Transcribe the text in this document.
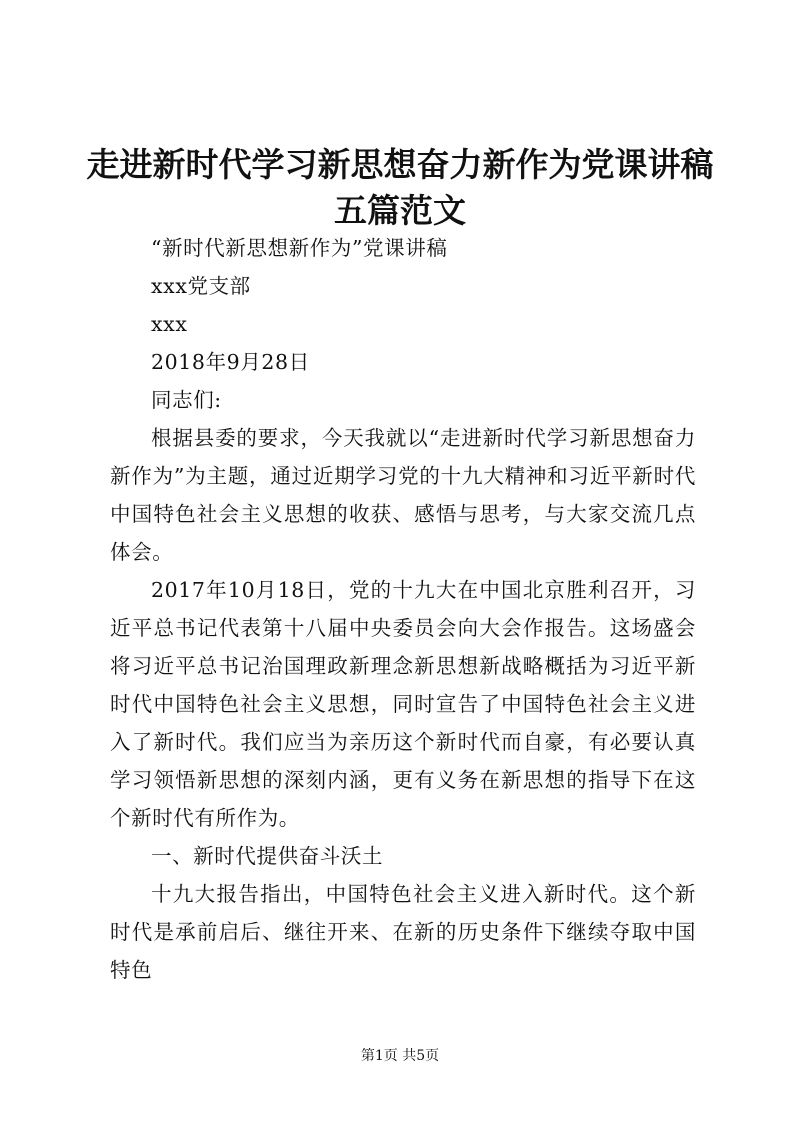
走进新时代学习新思想奋力新作为党课讲稿五篇范文

“新时代新思想新作为”党课讲稿

xxx党支部

xxx

2018年9月28日

同志们:

根据县委的要求，今天我就以“走进新时代学习新思想奋力新作为”为主题，通过近期学习党的十九大精神和习近平新时代中国特色社会主义思想的收获、感悟与思考，与大家交流几点体会。

2017年10月18日，党的十九大在中国北京胜利召开，习近平总书记代表第十八届中央委员会向大会作报告。这场盛会将习近平总书记治国理政新理念新思想新战略概括为习近平新时代中国特色社会主义思想，同时宣告了中国特色社会主义进入了新时代。我们应当为亲历这个新时代而自豪，有必要认真学习领悟新思想的深刻内涵，更有义务在新思想的指导下在这个新时代有所作为。

一、新时代提供奋斗沃土

十九大报告指出，中国特色社会主义进入新时代。这个新时代是承前启后、继往开来、在新的历史条件下继续夺取中国特色

第1页 共5页
